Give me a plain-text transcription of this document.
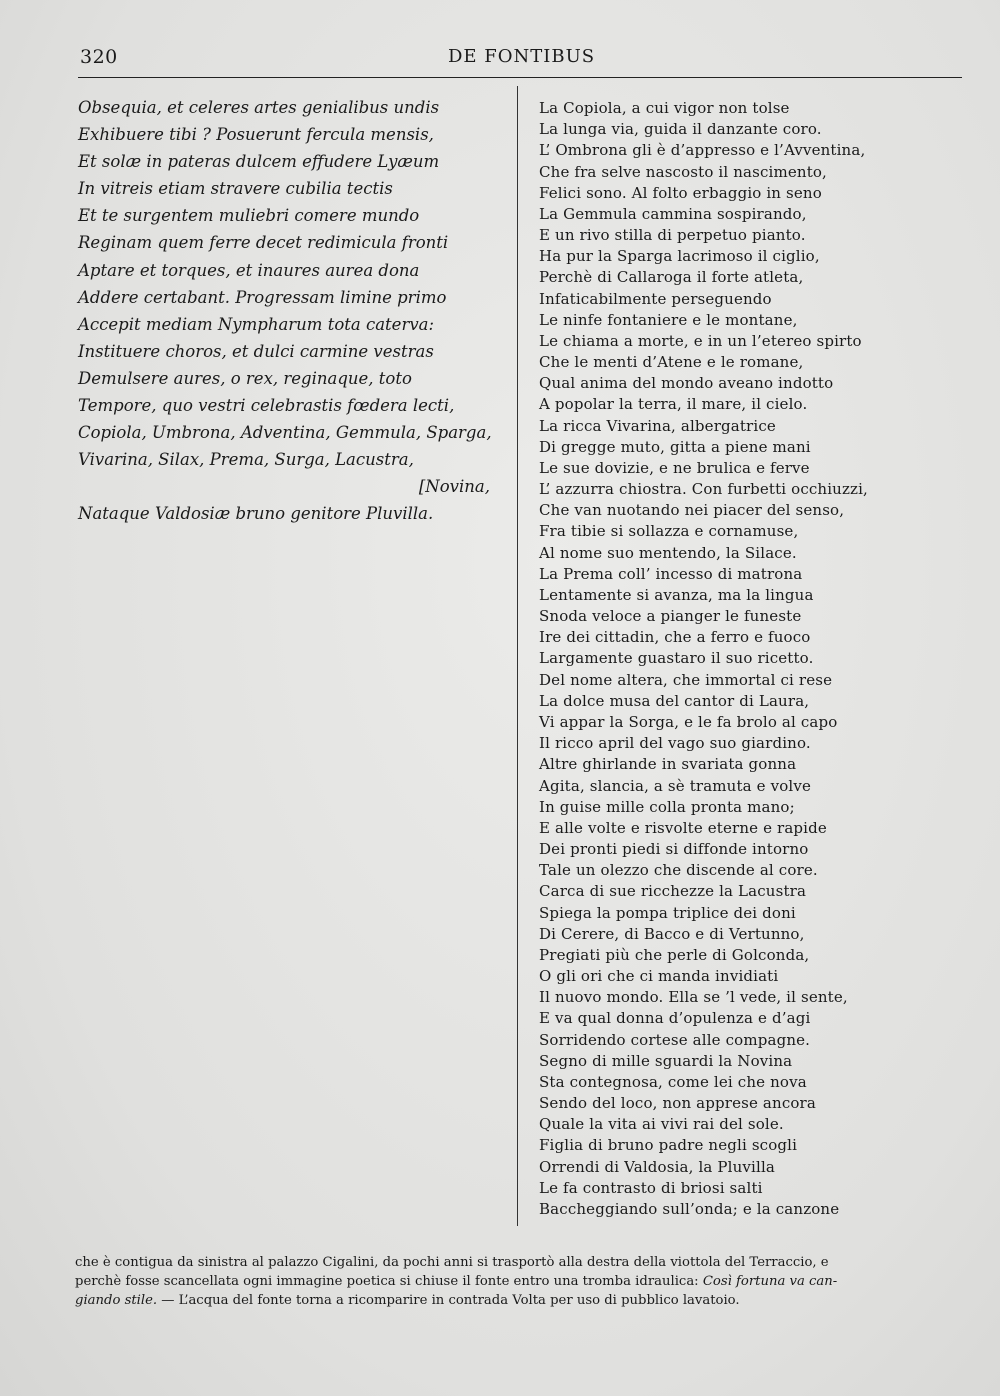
320	DE FONTIBUS
Obsequia, et celeres artes genialibus undis
Exhibuere tibi ? Posuerunt fercula mensis,
Et solæ in pateras dulcem effudere Lyæum
In vitreis etiam stravere cubilia tectis
Et te surgentem muliebri comere mundo
Reginam quem ferre decet redimicula fronti
Aptare et torques, et inaures aurea dona
Addere certabant. Progressam limine primo
Accepit mediam Nympharum tota caterva:
Instituere choros, et dulci carmine vestras
Demulsere aures, o rex, reginaque, toto
Tempore, quo vestri celebrastis fœdera lecti,
Copiola, Umbrona, Adventina, Gemmula, Sparga,
Vivarina, Silax, Prema, Surga, Lacustra,
[Novina,
Nataque Valdosiæ bruno genitore Pluvilla.
La Copiola, a cui vigor non tolse
La lunga via, guida il danzante coro.
L’ Ombrona gli è d’appresso e l’Avventina,
Che fra selve nascosto il nascimento,
Felici sono. Al folto erbaggio in seno
La Gemmula cammina sospirando,
E un rivo stilla di perpetuo pianto.
Ha pur la Sparga lacrimoso il ciglio,
Perchè di Callaroga il forte atleta,
Infaticabilmente perseguendo
Le ninfe fontaniere e le montane,
Le chiama a morte, e in un l’etereo spirto
Che le menti d’Atene e le romane,
Qual anima del mondo aveano indotto
A popolar la terra, il mare, il cielo.
La ricca Vivarina, albergatrice
Di gregge muto, gitta a piene mani
Le sue dovizie, e ne brulica e ferve
L’ azzurra chiostra. Con furbetti occhiuzzi,
Che van nuotando nei piacer del senso,
Fra tibie si sollazza e cornamuse,
Al nome suo mentendo, la Silace.
La Prema coll’ incesso di matrona
Lentamente si avanza, ma la lingua
Snoda veloce a pianger le funeste
Ire dei cittadin, che a ferro e fuoco
Largamente guastaro il suo ricetto.
Del nome altera, che immortal ci rese
La dolce musa del cantor di Laura,
Vi appar la Sorga, e le fa brolo al capo
Il ricco april del vago suo giardino.
Altre ghirlande in svariata gonna
Agita, slancia, a sè tramuta e volve
In guise mille colla pronta mano;
E alle volte e risvolte eterne e rapide
Dei pronti piedi si diffonde intorno
Tale un olezzo che discende al core.
Carca di sue ricchezze la Lacustra
Spiega la pompa triplice dei doni
Di Cerere, di Bacco e di Vertunno,
Pregiati più che perle di Golconda,
O gli ori che ci manda invidiati
Il nuovo mondo. Ella se ’l vede, il sente,
E va qual donna d’opulenza e d’agi
Sorridendo cortese alle compagne.
Segno di mille sguardi la Novina
Sta contegnosa, come lei che nova
Sendo del loco, non apprese ancora
Quale la vita ai vivi rai del sole.
Figlia di bruno padre negli scogli
Orrendi di Valdosia, la Pluvilla
Le fa contrasto di briosi salti
Baccheggiando sull’onda; e la canzone
che è contigua da sinistra al palazzo Cigalini, da pochi anni si trasportò alla destra della viottola del Terraccio, e
perchè fosse scancellata ogni immagine poetica si chiuse il fonte entro una tromba idraulica: Così fortuna va can-
giando stile. — L’acqua del fonte torna a ricomparire in contrada Volta per uso di pubblico lavatoio.
